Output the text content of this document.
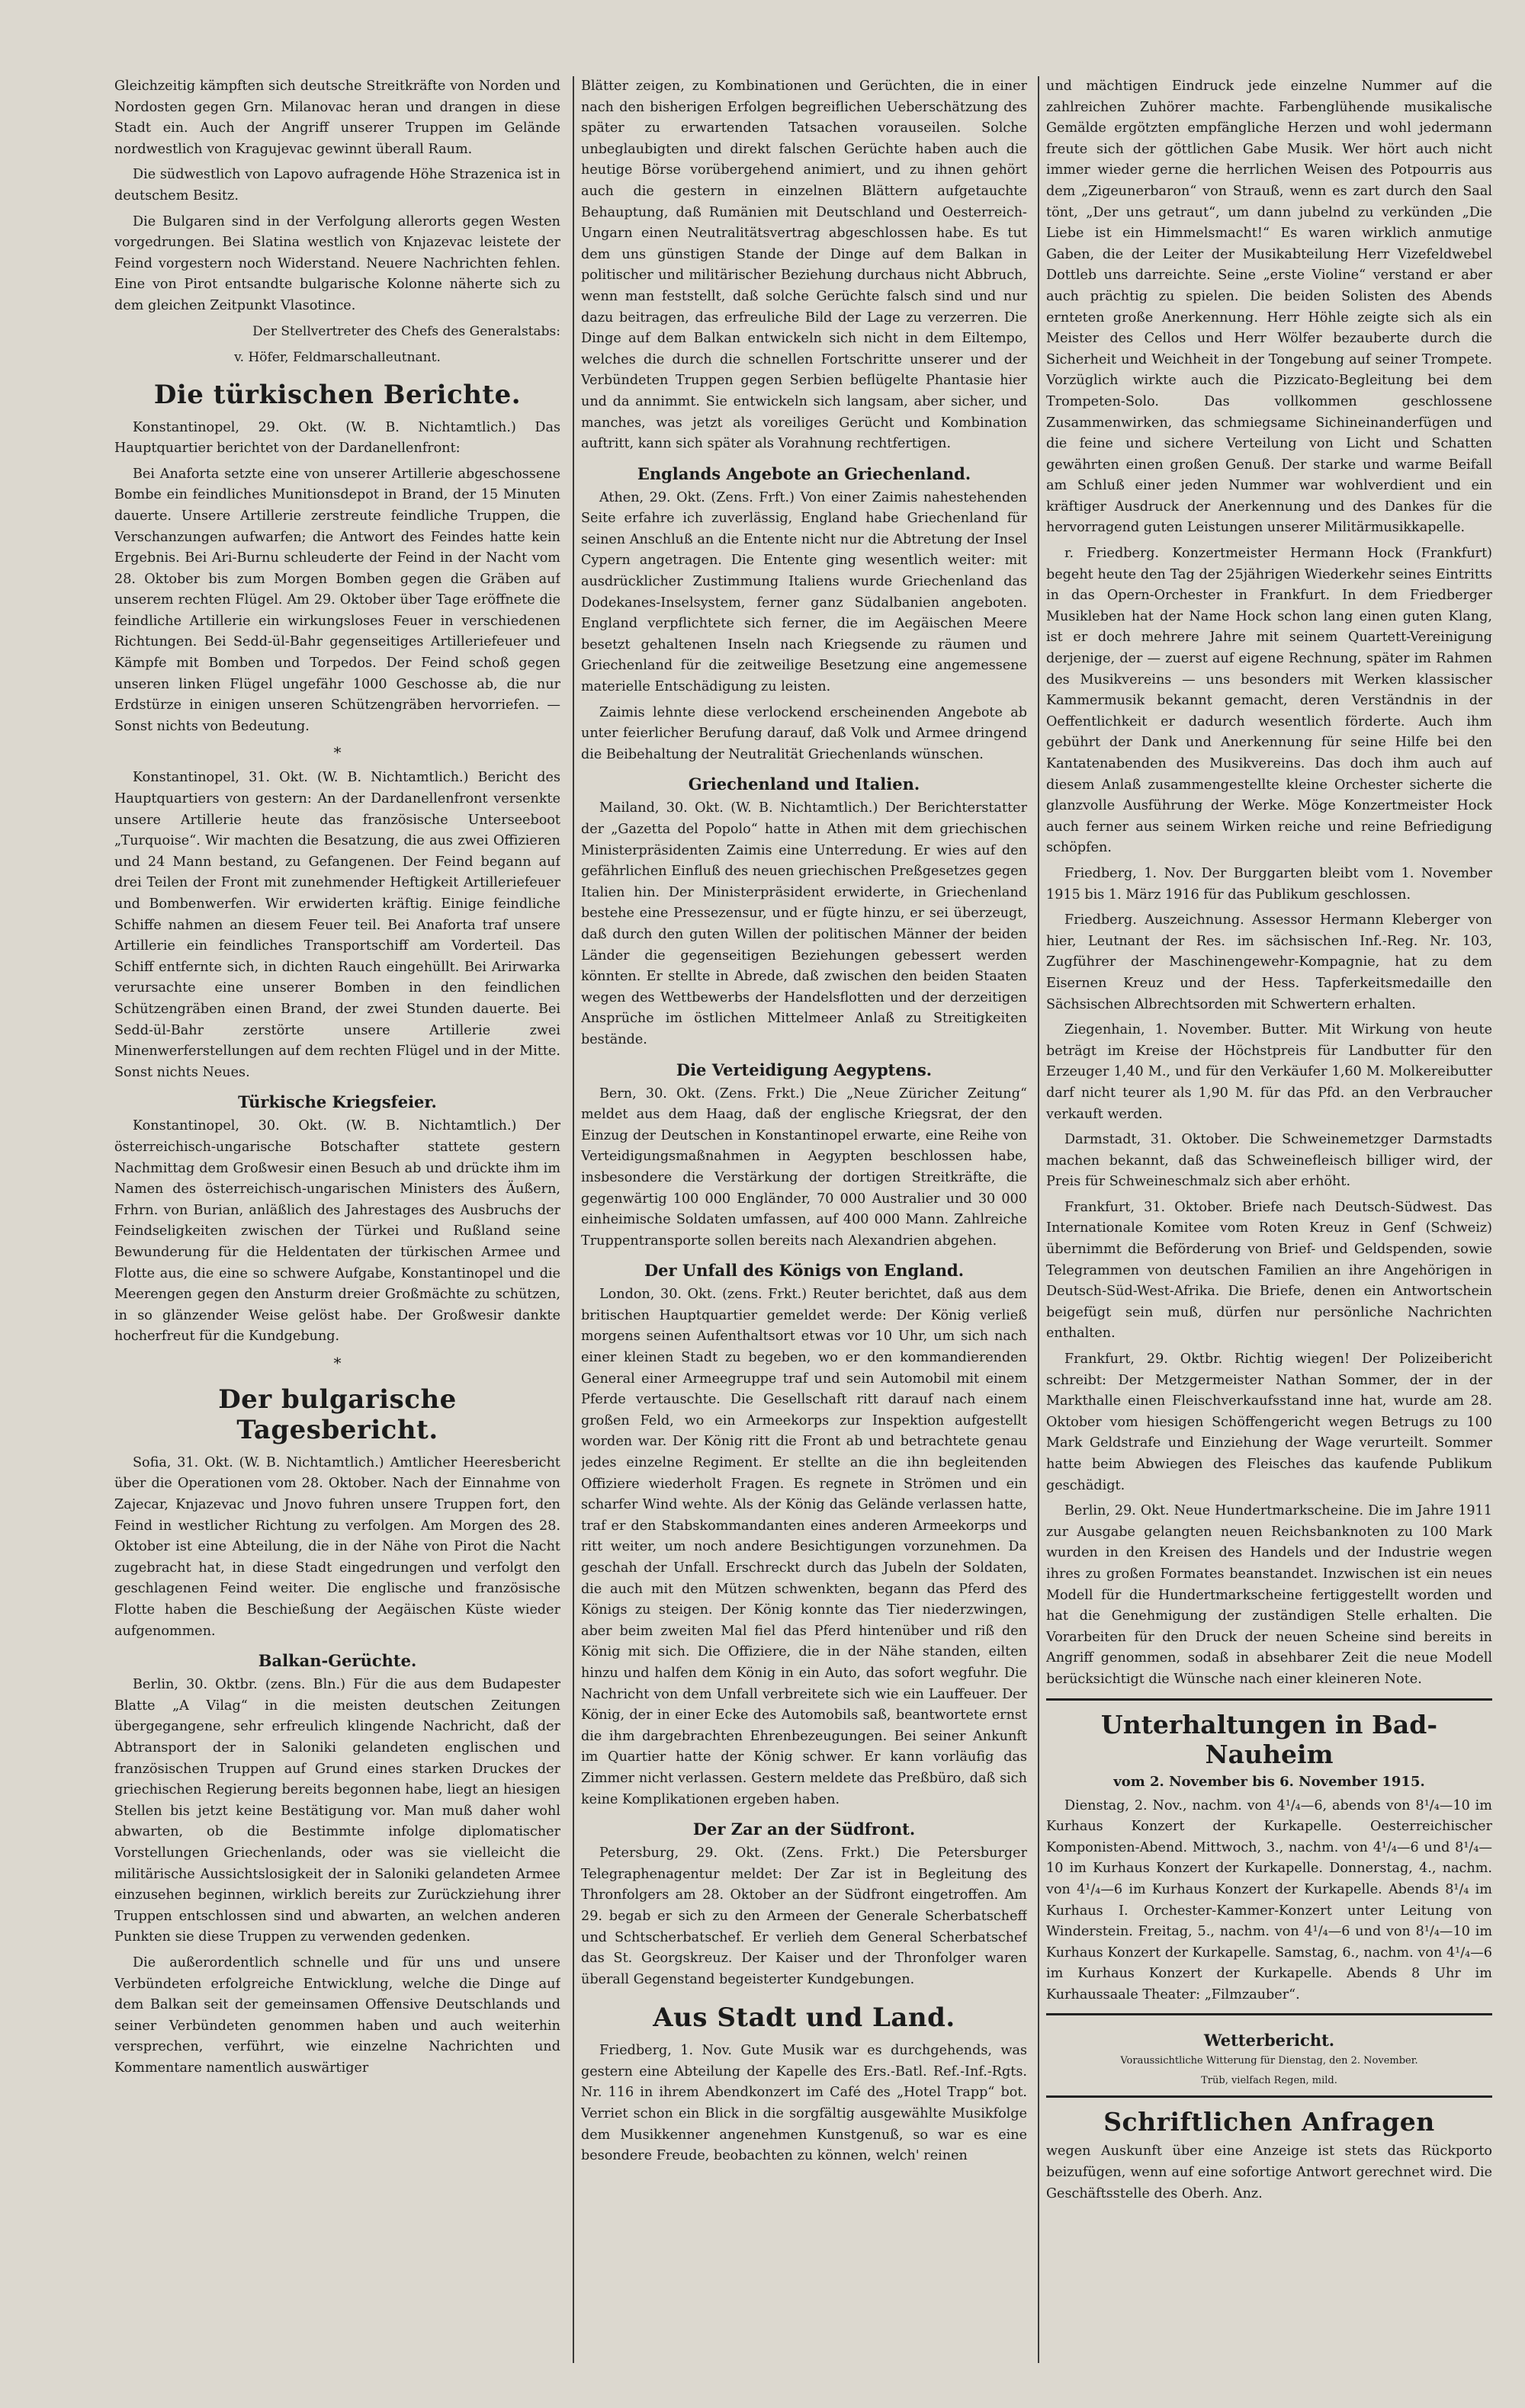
Gleichzeitig kämpften sich deutsche Streitkräfte von Norden und Nordosten gegen Grn. Milanovac heran und drangen in diese Stadt ein. Auch der Angriff unserer Truppen im Gelände nordwestlich von Kragujevac gewinnt überall Raum.

Die südwestlich von Lapovo aufragende Höhe Strazenica ist in deutschem Besitz.

Die Bulgaren sind in der Verfolgung allerorts gegen Westen vorgedrungen. Bei Slatina westlich von Knjazevac leistete der Feind vorgestern noch Widerstand. Neuere Nachrichten fehlen. Eine von Pirot entsandte bulgarische Kolonne näherte sich zu dem gleichen Zeitpunkt Vlasotince.

Der Stellvertreter des Chefs des Generalstabs:
v. Höfer, Feldmarschalleutnant.
Die türkischen Berichte.

Konstantinopel, 29. Okt. (W. B. Nichtamtlich.) Das Hauptquartier berichtet von der Dardanellenfront:

Bei Anaforta setzte eine von unserer Artillerie abgeschossene Bombe ein feindliches Munitionsdepot in Brand, der 15 Minuten dauerte. Unsere Artillerie zerstreute feindliche Truppen, die Verschanzungen aufwarfen; die Antwort des Feindes hatte kein Ergebnis. Bei Ari-Burnu schleuderte der Feind in der Nacht vom 28. Oktober bis zum Morgen Bomben gegen die Gräben auf unserem rechten Flügel. Am 29. Oktober über Tage eröffnete die feindliche Artillerie ein wirkungsloses Feuer in verschiedenen Richtungen. Bei Sedd-ül-Bahr gegenseitiges Artilleriefeuer und Kämpfe mit Bomben und Torpedos. Der Feind schoß gegen unseren linken Flügel ungefähr 1000 Geschosse ab, die nur Erdstürze in einigen unseren Schützengräben hervorriefen. — Sonst nichts von Bedeutung.

*

Konstantinopel, 31. Okt. (W. B. Nichtamtlich.) Bericht des Hauptquartiers von gestern: An der Dardanellenfront versenkte unsere Artillerie heute das französische Unterseeboot „Turquoise“. Wir machten die Besatzung, die aus zwei Offizieren und 24 Mann bestand, zu Gefangenen. Der Feind begann auf drei Teilen der Front mit zunehmender Heftigkeit Artilleriefeuer und Bombenwerfen. Wir erwiderten kräftig. Einige feindliche Schiffe nahmen an diesem Feuer teil. Bei Anaforta traf unsere Artillerie ein feindliches Transportschiff am Vorderteil. Das Schiff entfernte sich, in dichten Rauch eingehüllt. Bei Arirwarka verursachte eine unserer Bomben in den feindlichen Schützengräben einen Brand, der zwei Stunden dauerte. Bei Sedd-ül-Bahr zerstörte unsere Artillerie zwei Minenwerferstellungen auf dem rechten Flügel und in der Mitte. Sonst nichts Neues.

Türkische Kriegsfeier.

Konstantinopel, 30. Okt. (W. B. Nichtamtlich.) Der österreichisch-ungarische Botschafter stattete gestern Nachmittag dem Großwesir einen Besuch ab und drückte ihm im Namen des österreichisch-ungarischen Ministers des Äußern, Frhrn. von Burian, anläßlich des Jahrestages des Ausbruchs der Feindseligkeiten zwischen der Türkei und Rußland seine Bewunderung für die Heldentaten der türkischen Armee und Flotte aus, die eine so schwere Aufgabe, Konstantinopel und die Meerengen gegen den Ansturm dreier Großmächte zu schützen, in so glänzender Weise gelöst habe. Der Großwesir dankte hocherfreut für die Kundgebung.

*
Der bulgarische Tagesbericht.

Sofia, 31. Okt. (W. B. Nichtamtlich.) Amtlicher Heeresbericht über die Operationen vom 28. Oktober. Nach der Einnahme von Zajecar, Knjazevac und Jnovo fuhren unsere Truppen fort, den Feind in westlicher Richtung zu verfolgen. Am Morgen des 28. Oktober ist eine Abteilung, die in der Nähe von Pirot die Nacht zugebracht hat, in diese Stadt eingedrungen und verfolgt den geschlagenen Feind weiter. Die englische und französische Flotte haben die Beschießung der Aegäischen Küste wieder aufgenommen.

Balkan-Gerüchte.

Berlin, 30. Oktbr. (zens. Bln.) Für die aus dem Budapester Blatte „A Vilag“ in die meisten deutschen Zeitungen übergegangene, sehr erfreulich klingende Nachricht, daß der Abtransport der in Saloniki gelandeten englischen und französischen Truppen auf Grund eines starken Druckes der griechischen Regierung bereits begonnen habe, liegt an hiesigen Stellen bis jetzt keine Bestätigung vor. Man muß daher wohl abwarten, ob die Bestimmte infolge diplomatischer Vorstellungen Griechenlands, oder was sie vielleicht die militärische Aussichtslosigkeit der in Saloniki gelandeten Armee einzusehen beginnen, wirklich bereits zur Zurückziehung ihrer Truppen entschlossen sind und abwarten, an welchen anderen Punkten sie diese Truppen zu verwenden gedenken.

Die außerordentlich schnelle und für uns und unsere Verbündeten erfolgreiche Entwicklung, welche die Dinge auf dem Balkan seit der gemeinsamen Offensive Deutschlands und seiner Verbündeten genommen haben und auch weiterhin versprechen, verführt, wie einzelne Nachrichten und Kommentare namentlich auswärtiger

Blätter zeigen, zu Kombinationen und Gerüchten, die in einer nach den bisherigen Erfolgen begreiflichen Ueberschätzung des später zu erwartenden Tatsachen vorauseilen. Solche unbeglaubigten und direkt falschen Gerüchte haben auch die heutige Börse vorübergehend animiert, und zu ihnen gehört auch die gestern in einzelnen Blättern aufgetauchte Behauptung, daß Rumänien mit Deutschland und Oesterreich-Ungarn einen Neutralitätsvertrag abgeschlossen habe. Es tut dem uns günstigen Stande der Dinge auf dem Balkan in politischer und militärischer Beziehung durchaus nicht Abbruch, wenn man feststellt, daß solche Gerüchte falsch sind und nur dazu beitragen, das erfreuliche Bild der Lage zu verzerren. Die Dinge auf dem Balkan entwickeln sich nicht in dem Eiltempo, welches die durch die schnellen Fortschritte unserer und der Verbündeten Truppen gegen Serbien beflügelte Phantasie hier und da annimmt. Sie entwickeln sich langsam, aber sicher, und manches, was jetzt als voreiliges Gerücht und Kombination auftritt, kann sich später als Vorahnung rechtfertigen.

Englands Angebote an Griechenland.

Athen, 29. Okt. (Zens. Frft.) Von einer Zaimis nahestehenden Seite erfahre ich zuverlässig, England habe Griechenland für seinen Anschluß an die Entente nicht nur die Abtretung der Insel Cypern angetragen. Die Entente ging wesentlich weiter: mit ausdrücklicher Zustimmung Italiens wurde Griechenland das Dodekanes-Inselsystem, ferner ganz Südalbanien angeboten. England verpflichtete sich ferner, die im Aegäischen Meere besetzt gehaltenen Inseln nach Kriegsende zu räumen und Griechenland für die zeitweilige Besetzung eine angemessene materielle Entschädigung zu leisten.

Zaimis lehnte diese verlockend erscheinenden Angebote ab unter feierlicher Berufung darauf, daß Volk und Armee dringend die Beibehaltung der Neutralität Griechenlands wünschen.

Griechenland und Italien.

Mailand, 30. Okt. (W. B. Nichtamtlich.) Der Berichterstatter der „Gazetta del Popolo“ hatte in Athen mit dem griechischen Ministerpräsidenten Zaimis eine Unterredung. Er wies auf den gefährlichen Einfluß des neuen griechischen Preßgesetzes gegen Italien hin. Der Ministerpräsident erwiderte, in Griechenland bestehe eine Pressezensur, und er fügte hinzu, er sei überzeugt, daß durch den guten Willen der politischen Männer der beiden Länder die gegenseitigen Beziehungen gebessert werden könnten. Er stellte in Abrede, daß zwischen den beiden Staaten wegen des Wettbewerbs der Handelsflotten und der derzeitigen Ansprüche im östlichen Mittelmeer Anlaß zu Streitigkeiten bestände.

Die Verteidigung Aegyptens.

Bern, 30. Okt. (Zens. Frkt.) Die „Neue Züricher Zeitung“ meldet aus dem Haag, daß der englische Kriegsrat, der den Einzug der Deutschen in Konstantinopel erwarte, eine Reihe von Verteidigungsmaßnahmen in Aegypten beschlossen habe, insbesondere die Verstärkung der dortigen Streitkräfte, die gegenwärtig 100 000 Engländer, 70 000 Australier und 30 000 einheimische Soldaten umfassen, auf 400 000 Mann. Zahlreiche Truppentransporte sollen bereits nach Alexandrien abgehen.

Der Unfall des Königs von England.

London, 30. Okt. (zens. Frkt.) Reuter berichtet, daß aus dem britischen Hauptquartier gemeldet werde: Der König verließ morgens seinen Aufenthaltsort etwas vor 10 Uhr, um sich nach einer kleinen Stadt zu begeben, wo er den kommandierenden General einer Armeegruppe traf und sein Automobil mit einem Pferde vertauschte. Die Gesellschaft ritt darauf nach einem großen Feld, wo ein Armeekorps zur Inspektion aufgestellt worden war. Der König ritt die Front ab und betrachtete genau jedes einzelne Regiment. Er stellte an die ihn begleitenden Offiziere wiederholt Fragen. Es regnete in Strömen und ein scharfer Wind wehte. Als der König das Gelände verlassen hatte, traf er den Stabskommandanten eines anderen Armeekorps und ritt weiter, um noch andere Besichtigungen vorzunehmen. Da geschah der Unfall. Erschreckt durch das Jubeln der Soldaten, die auch mit den Mützen schwenkten, begann das Pferd des Königs zu steigen. Der König konnte das Tier niederzwingen, aber beim zweiten Mal fiel das Pferd hintenüber und riß den König mit sich. Die Offiziere, die in der Nähe standen, eilten hinzu und halfen dem König in ein Auto, das sofort wegfuhr. Die Nachricht von dem Unfall verbreitete sich wie ein Lauffeuer. Der König, der in einer Ecke des Automobils saß, beantwortete ernst die ihm dargebrachten Ehrenbezeugungen. Bei seiner Ankunft im Quartier hatte der König schwer. Er kann vorläufig das Zimmer nicht verlassen. Gestern meldete das Preßbüro, daß sich keine Komplikationen ergeben haben.

Der Zar an der Südfront.

Petersburg, 29. Okt. (Zens. Frkt.) Die Petersburger Telegraphenagentur meldet: Der Zar ist in Begleitung des Thronfolgers am 28. Oktober an der Südfront eingetroffen. Am 29. begab er sich zu den Armeen der Generale Scherbatscheff und Schtscherbatschef. Er verlieh dem General Scherbatschef das St. Georgskreuz. Der Kaiser und der Thronfolger waren überall Gegenstand begeisterter Kundgebungen.

Aus Stadt und Land.

Friedberg, 1. Nov. Gute Musik war es durchgehends, was gestern eine Abteilung der Kapelle des Ers.-Batl. Ref.-Inf.-Rgts. Nr. 116 in ihrem Abendkonzert im Café des „Hotel Trapp“ bot. Verriet schon ein Blick in die sorgfältig ausgewählte Musikfolge dem Musikkenner angenehmen Kunstgenuß, so war es eine besondere Freude, beobachten zu können, welch' reinen

und mächtigen Eindruck jede einzelne Nummer auf die zahlreichen Zuhörer machte. Farbenglühende musikalische Gemälde ergötzten empfängliche Herzen und wohl jedermann freute sich der göttlichen Gabe Musik. Wer hört auch nicht immer wieder gerne die herrlichen Weisen des Potpourris aus dem „Zigeunerbaron“ von Strauß, wenn es zart durch den Saal tönt, „Der uns getraut“, um dann jubelnd zu verkünden „Die Liebe ist ein Himmelsmacht!“ Es waren wirklich anmutige Gaben, die der Leiter der Musikabteilung Herr Vizefeldwebel Dottleb uns darreichte. Seine „erste Violine“ verstand er aber auch prächtig zu spielen. Die beiden Solisten des Abends ernteten große Anerkennung. Herr Höhle zeigte sich als ein Meister des Cellos und Herr Wölfer bezauberte durch die Sicherheit und Weichheit in der Tongebung auf seiner Trompete. Vorzüglich wirkte auch die Pizzicato-Begleitung bei dem Trompeten-Solo. Das vollkommen geschlossene Zusammenwirken, das schmiegsame Sichineinanderfügen und die feine und sichere Verteilung von Licht und Schatten gewährten einen großen Genuß. Der starke und warme Beifall am Schluß einer jeden Nummer war wohlverdient und ein kräftiger Ausdruck der Anerkennung und des Dankes für die hervorragend guten Leistungen unserer Militärmusikkapelle.

r. Friedberg. Konzertmeister Hermann Hock (Frankfurt) begeht heute den Tag der 25jährigen Wiederkehr seines Eintritts in das Opern-Orchester in Frankfurt. In dem Friedberger Musikleben hat der Name Hock schon lang einen guten Klang, ist er doch mehrere Jahre mit seinem Quartett-Vereinigung derjenige, der — zuerst auf eigene Rechnung, später im Rahmen des Musikvereins — uns besonders mit Werken klassischer Kammermusik bekannt gemacht, deren Verständnis in der Oeffentlichkeit er dadurch wesentlich förderte. Auch ihm gebührt der Dank und Anerkennung für seine Hilfe bei den Kantatenabenden des Musikvereins. Das doch ihm auch auf diesem Anlaß zusammengestellte kleine Orchester sicherte die glanzvolle Ausführung der Werke. Möge Konzertmeister Hock auch ferner aus seinem Wirken reiche und reine Befriedigung schöpfen.

Friedberg, 1. Nov. Der Burggarten bleibt vom 1. November 1915 bis 1. März 1916 für das Publikum geschlossen.

Friedberg. Auszeichnung. Assessor Hermann Kleberger von hier, Leutnant der Res. im sächsischen Inf.-Reg. Nr. 103, Zugführer der Maschinengewehr-Kompagnie, hat zu dem Eisernen Kreuz und der Hess. Tapferkeitsmedaille den Sächsischen Albrechtsorden mit Schwertern erhalten.

Ziegenhain, 1. November. Butter. Mit Wirkung von heute beträgt im Kreise der Höchstpreis für Landbutter für den Erzeuger 1,40 M., und für den Verkäufer 1,60 M. Molkereibutter darf nicht teurer als 1,90 M. für das Pfd. an den Verbraucher verkauft werden.

Darmstadt, 31. Oktober. Die Schweinemetzger Darmstadts machen bekannt, daß das Schweinefleisch billiger wird, der Preis für Schweineschmalz sich aber erhöht.

Frankfurt, 31. Oktober. Briefe nach Deutsch-Südwest. Das Internationale Komitee vom Roten Kreuz in Genf (Schweiz) übernimmt die Beförderung von Brief- und Geldspenden, sowie Telegrammen von deutschen Familien an ihre Angehörigen in Deutsch-Süd-West-Afrika. Die Briefe, denen ein Antwortschein beigefügt sein muß, dürfen nur persönliche Nachrichten enthalten.

Frankfurt, 29. Oktbr. Richtig wiegen! Der Polizeibericht schreibt: Der Metzgermeister Nathan Sommer, der in der Markthalle einen Fleischverkaufsstand inne hat, wurde am 28. Oktober vom hiesigen Schöffengericht wegen Betrugs zu 100 Mark Geldstrafe und Einziehung der Wage verurteilt. Sommer hatte beim Abwiegen des Fleisches das kaufende Publikum geschädigt.

Berlin, 29. Okt. Neue Hundertmarkscheine. Die im Jahre 1911 zur Ausgabe gelangten neuen Reichsbanknoten zu 100 Mark wurden in den Kreisen des Handels und der Industrie wegen ihres zu großen Formates beanstandet. Inzwischen ist ein neues Modell für die Hundertmarkscheine fertiggestellt worden und hat die Genehmigung der zuständigen Stelle erhalten. Die Vorarbeiten für den Druck der neuen Scheine sind bereits in Angriff genommen, sodaß in absehbarer Zeit die neue Modell berücksichtigt die Wünsche nach einer kleineren Note.

Unterhaltungen in Bad-Nauheim
vom 2. November bis 6. November 1915.

Dienstag, 2. Nov., nachm. von 4¹/₄—6, abends von 8¹/₄—10 im Kurhaus Konzert der Kurkapelle. Oesterreichischer Komponisten-Abend. Mittwoch, 3., nachm. von 4¹/₄—6 und 8¹/₄—10 im Kurhaus Konzert der Kurkapelle. Donnerstag, 4., nachm. von 4¹/₄—6 im Kurhaus Konzert der Kurkapelle. Abends 8¹/₄ im Kurhaus I. Orchester-Kammer-Konzert unter Leitung von Winderstein. Freitag, 5., nachm. von 4¹/₄—6 und von 8¹/₄—10 im Kurhaus Konzert der Kurkapelle. Samstag, 6., nachm. von 4¹/₄—6 im Kurhaus Konzert der Kurkapelle. Abends 8 Uhr im Kurhaussaale Theater: „Filmzauber“.

Wetterbericht.

Voraussichtliche Witterung für Dienstag, den 2. November.

Trüb, vielfach Regen, mild.

Schriftlichen Anfragen

wegen Auskunft über eine Anzeige ist stets das Rückporto beizufügen, wenn auf eine sofortige Antwort gerechnet wird. Die Geschäftsstelle des Oberh. Anz.
